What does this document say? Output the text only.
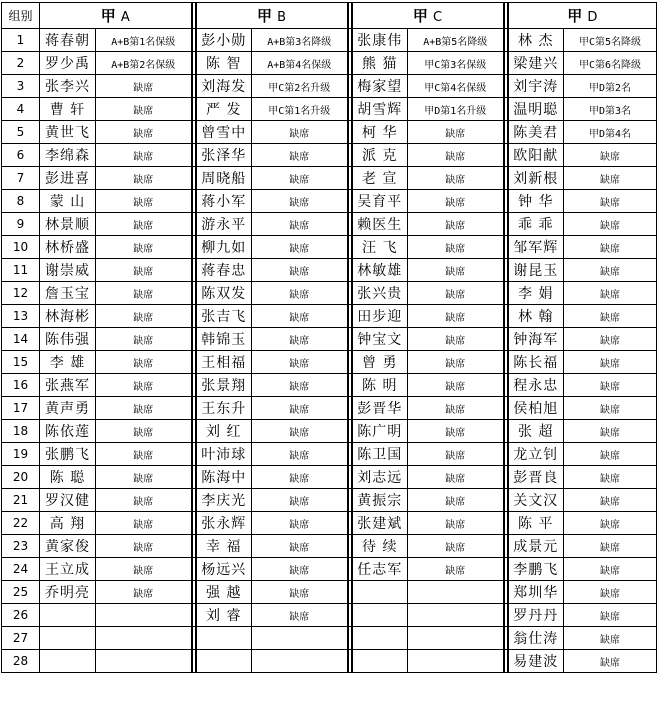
组别	甲 A			甲 B			甲 C			甲 D	
1	蒋春朝	A+B第1名保级		彭小勋	A+B第3名降级		张康伟	A+B第5名降级		林 杰	甲C第5名降级
2	罗少禹	A+B第2名保级		陈 智	A+B第4名保级		熊 猫	甲C第3名保级		梁建兴	甲C第6名降级
3	张李兴	缺席		刘海发	甲C第2名升级		梅家望	甲C第4名保级		刘宇涛	甲D第2名
4	曹 轩	缺席		严 发	甲C第1名升级		胡雪辉	甲D第1名升级		温明聪	甲D第3名
5	黄世飞	缺席		曾雪中	缺席		柯 华	缺席		陈美君	甲D第4名
6	李绵森	缺席		张泽华	缺席		派 克	缺席		欧阳献	缺席
7	彭进喜	缺席		周晓船	缺席		老 宣	缺席		刘新根	缺席
8	蒙 山	缺席		蒋小军	缺席		吴育平	缺席		钟 华	缺席
9	林景顺	缺席		游永平	缺席		赖医生	缺席		乖 乖	缺席
10	林桥盛	缺席		柳九如	缺席		汪 飞	缺席		邹军辉	缺席
11	谢崇威	缺席		蒋春忠	缺席		林敏雄	缺席		谢昆玉	缺席
12	詹玉宝	缺席		陈双发	缺席		张兴贵	缺席		李 娟	缺席
13	林海彬	缺席		张吉飞	缺席		田步迎	缺席		林 翰	缺席
14	陈伟强	缺席		韩锦玉	缺席		钟宝文	缺席		钟海军	缺席
15	李 雄	缺席		王相福	缺席		曾 勇	缺席		陈长福	缺席
16	张燕军	缺席		张景翔	缺席		陈 明	缺席		程永忠	缺席
17	黄声勇	缺席		王东升	缺席		彭晋华	缺席		侯柏旭	缺席
18	陈依莲	缺席		刘 红	缺席		陈广明	缺席		张 超	缺席
19	张鹏飞	缺席		叶沛球	缺席		陈卫国	缺席		龙立钊	缺席
20	陈 聪	缺席		陈海中	缺席		刘志远	缺席		彭晋良	缺席
21	罗汉健	缺席		李庆光	缺席		黄振宗	缺席		关文汉	缺席
22	高 翔	缺席		张永辉	缺席		张建斌	缺席		陈 平	缺席
23	黄家俊	缺席		幸 福	缺席		待 续	缺席		成景元	缺席
24	王立成	缺席		杨远兴	缺席		任志军	缺席		李鹏飞	缺席
25	乔明亮	缺席		强 越	缺席					郑圳华	缺席
26				刘 睿	缺席					罗丹丹	缺席
27										翁仕涛	缺席
28										易建波	缺席
